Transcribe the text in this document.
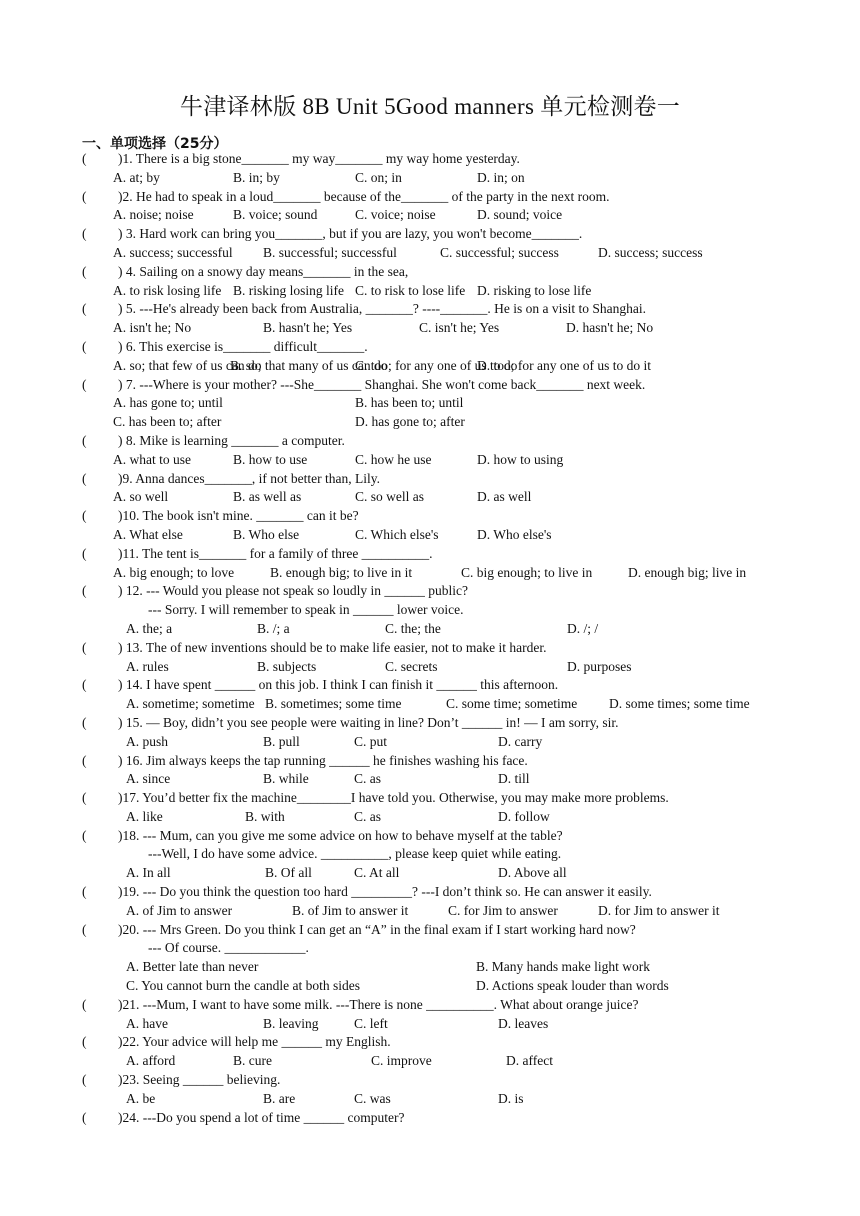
牛津译林版 8B Unit 5Good manners 单元检测卷一
一、单项选择（25分）
( )1. There is a big stone_______ my way_______ my way home yesterday.
A. at; by	B. in; by	C. on; in	D. in; on
( )2. He had to speak in a loud_______ because of the_______ of the party in the next room.
A. noise; noise	B. voice; sound	C. voice; noise	D. sound; voice
( ) 3. Hard work can bring you_______, but if you are lazy, you won't become_______.
A. success; successful B. successful; successful	C. successful; success	D. success; success
( ) 4. Sailing on a snowy day means_______ in the sea,
A. to risk losing life B. risking losing life C. to risk to lose life D. risking to lose life
( ) 5. ---He's already been back from Australia, _______? ----_______. He is on a visit to Shanghai.
A. isn't he; No	B. hasn't he; Yes	C. isn't he; Yes	D. hasn't he; No
( ) 6. This exercise is_______ difficult_______.
A. so; that few of us can do
B. so; that many of us can do
C. too; for any one of us to do
D. too; for any one of us to do it
( ) 7. ---Where is your mother? ---She_______ Shanghai. She won't come back_______ next week.
A. has gone to; until	B. has been to; until
C. has been to; after	D. has gone to; after
( ) 8. Mike is learning _______ a computer.
A. what to use	B. how to use	C. how he use	D. how to using
( )9. Anna dances_______, if not better than, Lily.
A. so well	B. as well as	C. so well as	D. as well
( )10. The book isn't mine. _______ can it be?
A. What else	B. Who else	C. Which else's	D. Who else's
( )11. The tent is_______ for a family of three __________.
A. big enough; to love	B. enough big; to live in it	C. big enough; to live in	D. enough big; live in
( ) 12. --- Would you please not speak so loudly in ______ public?
--- Sorry. I will remember to speak in ______ lower voice.
A. the; a	B. /; a	C. the; the	D. /; /
( ) 13. The of new inventions should be to make life easier, not to make it harder.
A. rules	B. subjects	C. secrets	D. purposes
( ) 14. I have spent ______ on this job. I think I can finish it ______ this afternoon.
A. sometime; sometime B. sometimes; some time	C. some time; sometime D. some times; some time
( ) 15. — Boy, didn’t you see people were waiting in line? Don’t ______ in! — I am sorry, sir.
A. push	B. pull	C. put	D. carry
( ) 16. Jim always keeps the tap running ______ he finishes washing his face.
A. since	B. while	C. as	D. till
( )17. You’d better fix the machine________I have told you. Otherwise, you may make more problems.
A. like	B. with	C. as	D. follow
( )18. --- Mum, can you give me some advice on how to behave myself at the table?
---Well, I do have some advice. __________, please keep quiet while eating.
A. In all	B. Of all	C. At all	D. Above all
( )19. --- Do you think the question too hard _________? ---I don’t think so. He can answer it easily.
A. of Jim to answer	B. of Jim to answer it	C. for Jim to answer	D. for Jim to answer it
( )20. --- Mrs Green. Do you think I can get an “A” in the final exam if I start working hard now?
--- Of course. ____________.
A. Better late than never	B. Many hands make light work
C. You cannot burn the candle at both sides	D. Actions speak louder than words
( )21. ---Mum, I want to have some milk. ---There is none __________. What about orange juice?
A. have	B. leaving	C. left	D. leaves
( )22. Your advice will help me ______ my English.
A. afford	B. cure	C. improve	D. affect
( )23. Seeing ______ believing.
A. be	B. are	C. was	D. is
( )24. ---Do you spend a lot of time ______ computer?
